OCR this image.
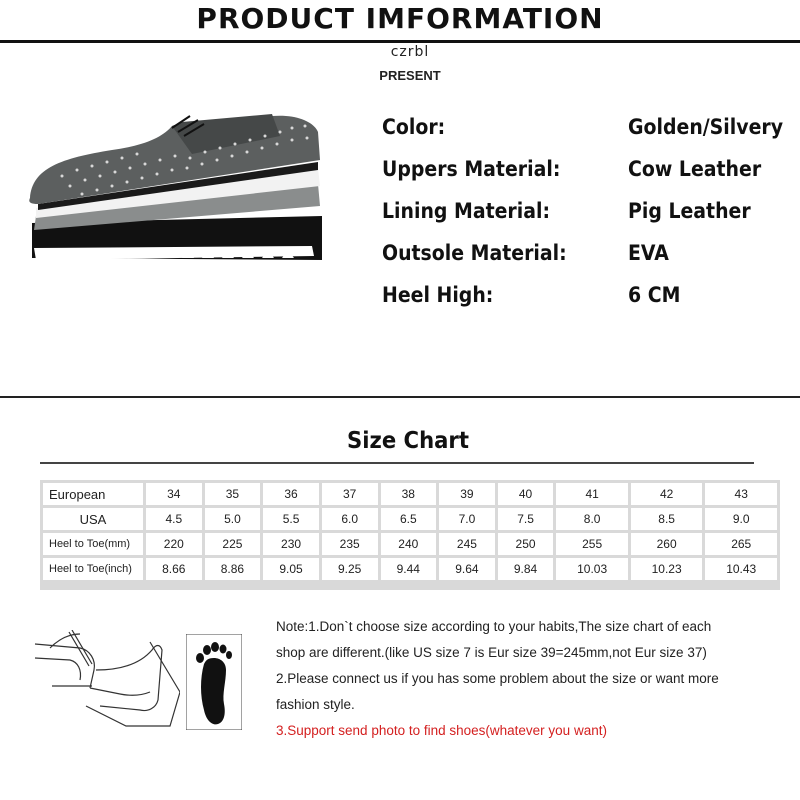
PRODUCT IMFORMATION
czrbl
PRESENT
Color:	Golden/Silvery
Uppers Material:	Cow Leather
Lining Material:	Pig Leather
Outsole Material:	EVA
Heel High:	6 CM
Size Chart
European	34	35	36	37	38	39	40	41	42	43
USA	4.5	5.0	5.5	6.0	6.5	7.0	7.5	8.0	8.5	9.0
Heel to Toe(mm)	220	225	230	235	240	245	250	255	260	265
Heel to Toe(inch)	8.66	8.86	9.05	9.25	9.44	9.64	9.84	10.03	10.23	10.43
Note:1.Don`t choose size according to your habits,The size chart of each
shop are different.(like US size 7 is Eur size 39=245mm,not Eur size 37)
2.Please connect us if you has some problem about the size or want more
fashion style.
3.Support send photo to find shoes(whatever you want)
